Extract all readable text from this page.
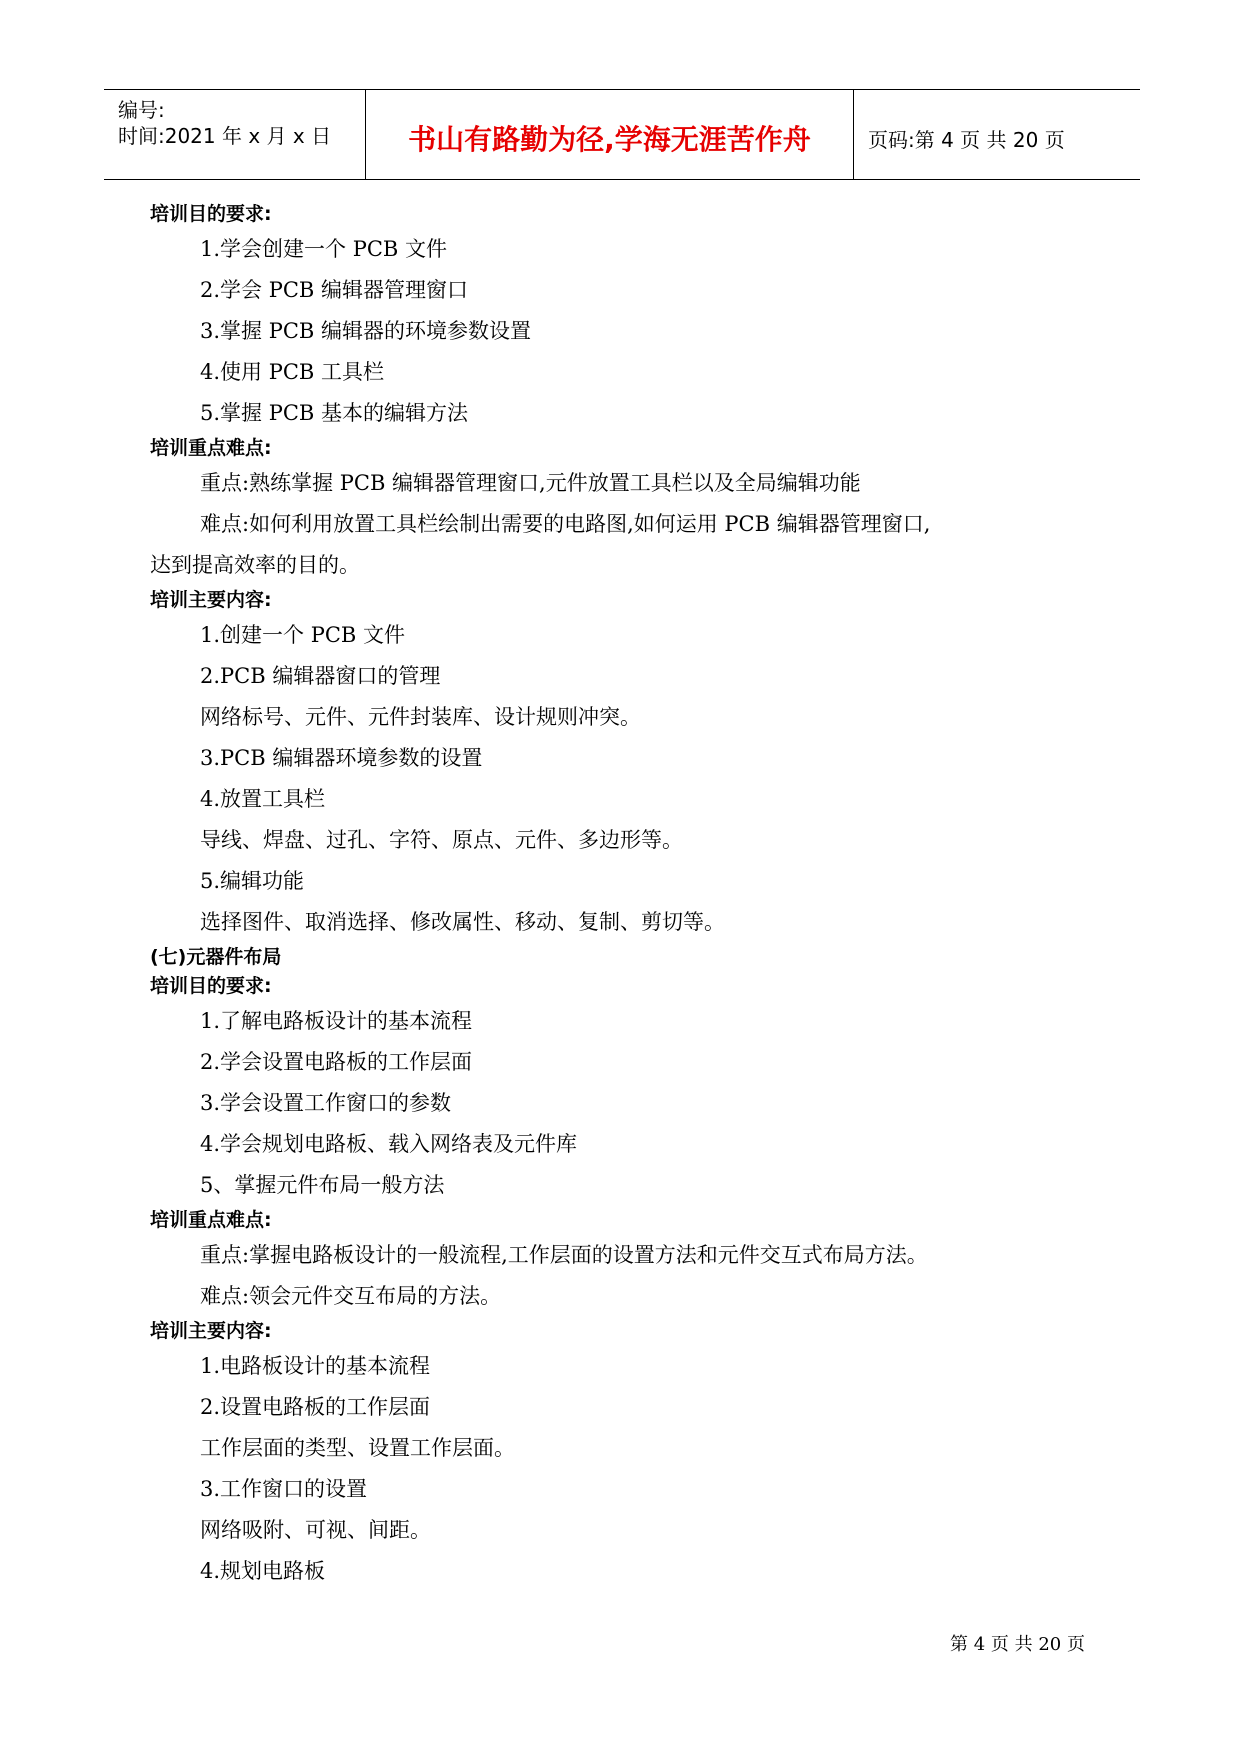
编号:
时间:2021 年 x 月 x 日	书山有路勤为径,学海无涯苦作舟	页码:第 4 页 共 20 页
培训目的要求:
1.学会创建一个 PCB 文件
2.学会 PCB 编辑器管理窗口
3.掌握 PCB 编辑器的环境参数设置
4.使用 PCB 工具栏
5.掌握 PCB 基本的编辑方法
培训重点难点:
重点:熟练掌握 PCB 编辑器管理窗口,元件放置工具栏以及全局编辑功能
难点:如何利用放置工具栏绘制出需要的电路图,如何运用 PCB 编辑器管理窗口,
达到提高效率的目的。
培训主要内容:
1.创建一个 PCB 文件
2.PCB 编辑器窗口的管理
网络标号、元件、元件封装库、设计规则冲突。
3.PCB 编辑器环境参数的设置
4.放置工具栏
导线、焊盘、过孔、字符、原点、元件、多边形等。
5.编辑功能
选择图件、取消选择、修改属性、移动、复制、剪切等。
(七)元器件布局
培训目的要求:
1.了解电路板设计的基本流程
2.学会设置电路板的工作层面
3.学会设置工作窗口的参数
4.学会规划电路板、载入网络表及元件库
5、掌握元件布局一般方法
培训重点难点:
重点:掌握电路板设计的一般流程,工作层面的设置方法和元件交互式布局方法。
难点:领会元件交互布局的方法。
培训主要内容:
1.电路板设计的基本流程
2.设置电路板的工作层面
工作层面的类型、设置工作层面。
3.工作窗口的设置
网络吸附、可视、间距。
4.规划电路板
第 4 页 共 20 页
